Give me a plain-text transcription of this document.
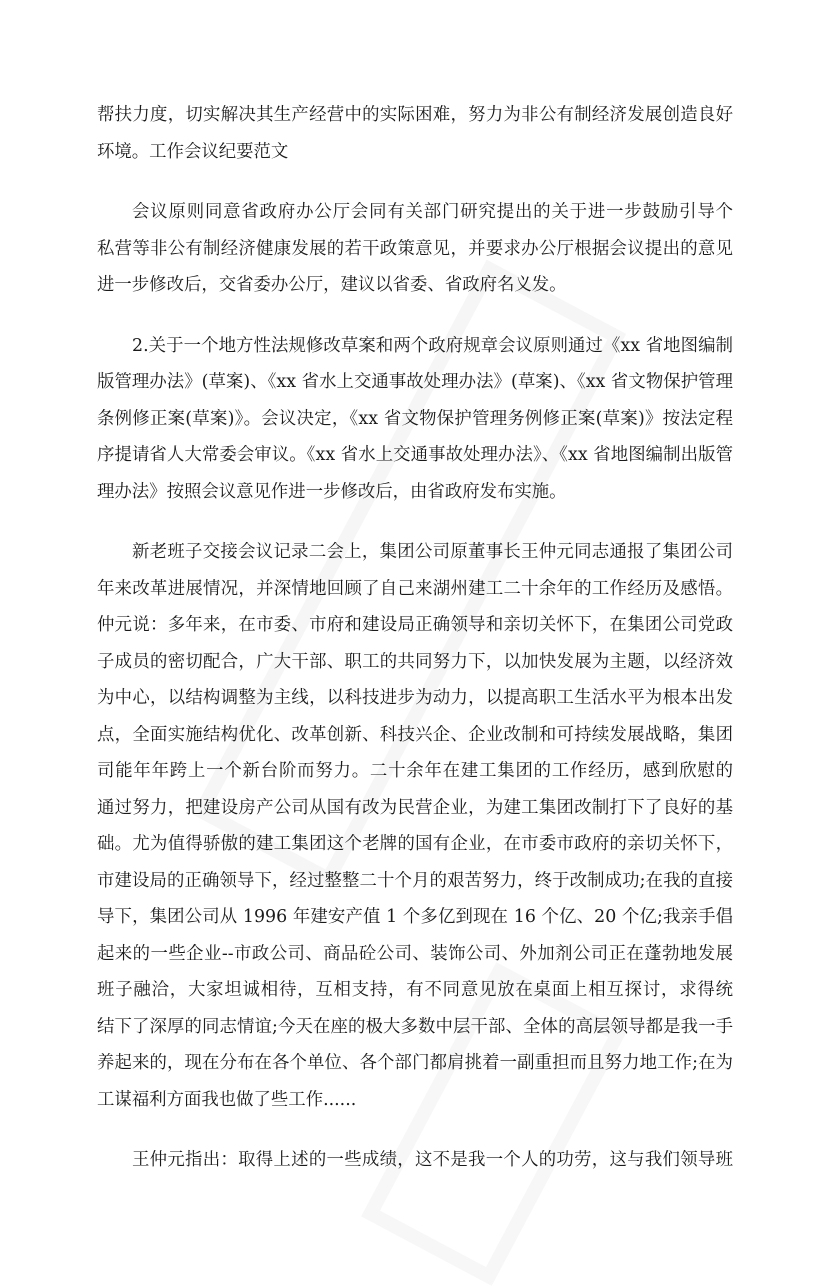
帮扶力度，切实解决其生产经营中的实际困难，努力为非公有制经济发展创造良好
环境。工作会议纪要范文
会议原则同意省政府办公厅会同有关部门研究提出的关于进一步鼓励引导个
私营等非公有制经济健康发展的若干政策意见，并要求办公厅根据会议提出的意见
进一步修改后，交省委办公厅，建议以省委、省政府名义发。
2.关于一个地方性法规修改草案和两个政府规章会议原则通过《xx 省地图编制
版管理办法》(草案)、《xx 省水上交通事故处理办法》(草案)、《xx 省文物保护管理
条例修正案(草案)》。会议决定，《xx 省文物保护管理务例修正案(草案)》按法定程
序提请省人大常委会审议。《xx 省水上交通事故处理办法》、《xx 省地图编制出版管
理办法》按照会议意见作进一步修改后，由省政府发布实施。
新老班子交接会议记录二会上，集团公司原董事长王仲元同志通报了集团公司
年来改革进展情况，并深情地回顾了自己来湖州建工二十余年的工作经历及感悟。
仲元说：多年来，在市委、市府和建设局正确领导和亲切关怀下，在集团公司党政
子成员的密切配合，广大干部、职工的共同努力下，以加快发展为主题，以经济效
为中心，以结构调整为主线，以科技进步为动力，以提高职工生活水平为根本出发
点，全面实施结构优化、改革创新、科技兴企、企业改制和可持续发展战略，集团
司能年年跨上一个新台阶而努力。二十余年在建工集团的工作经历，感到欣慰的
通过努力，把建设房产公司从国有改为民营企业，为建工集团改制打下了良好的基
础。尤为值得骄傲的建工集团这个老牌的国有企业，在市委市政府的亲切关怀下，
市建设局的正确领导下，经过整整二十个月的艰苦努力，终于改制成功;在我的直接
导下，集团公司从 1996 年建安产值 1 个多亿到现在 16 个亿、20 个亿;我亲手倡
起来的一些企业--市政公司、商品砼公司、装饰公司、外加剂公司正在蓬勃地发展
班子融洽，大家坦诚相待，互相支持，有不同意见放在桌面上相互探讨，求得统
结下了深厚的同志情谊;今天在座的极大多数中层干部、全体的高层领导都是我一手
养起来的，现在分布在各个单位、各个部门都肩挑着一副重担而且努力地工作;在为
工谋福利方面我也做了些工作......
王仲元指出：取得上述的一些成绩，这不是我一个人的功劳，这与我们领导班
